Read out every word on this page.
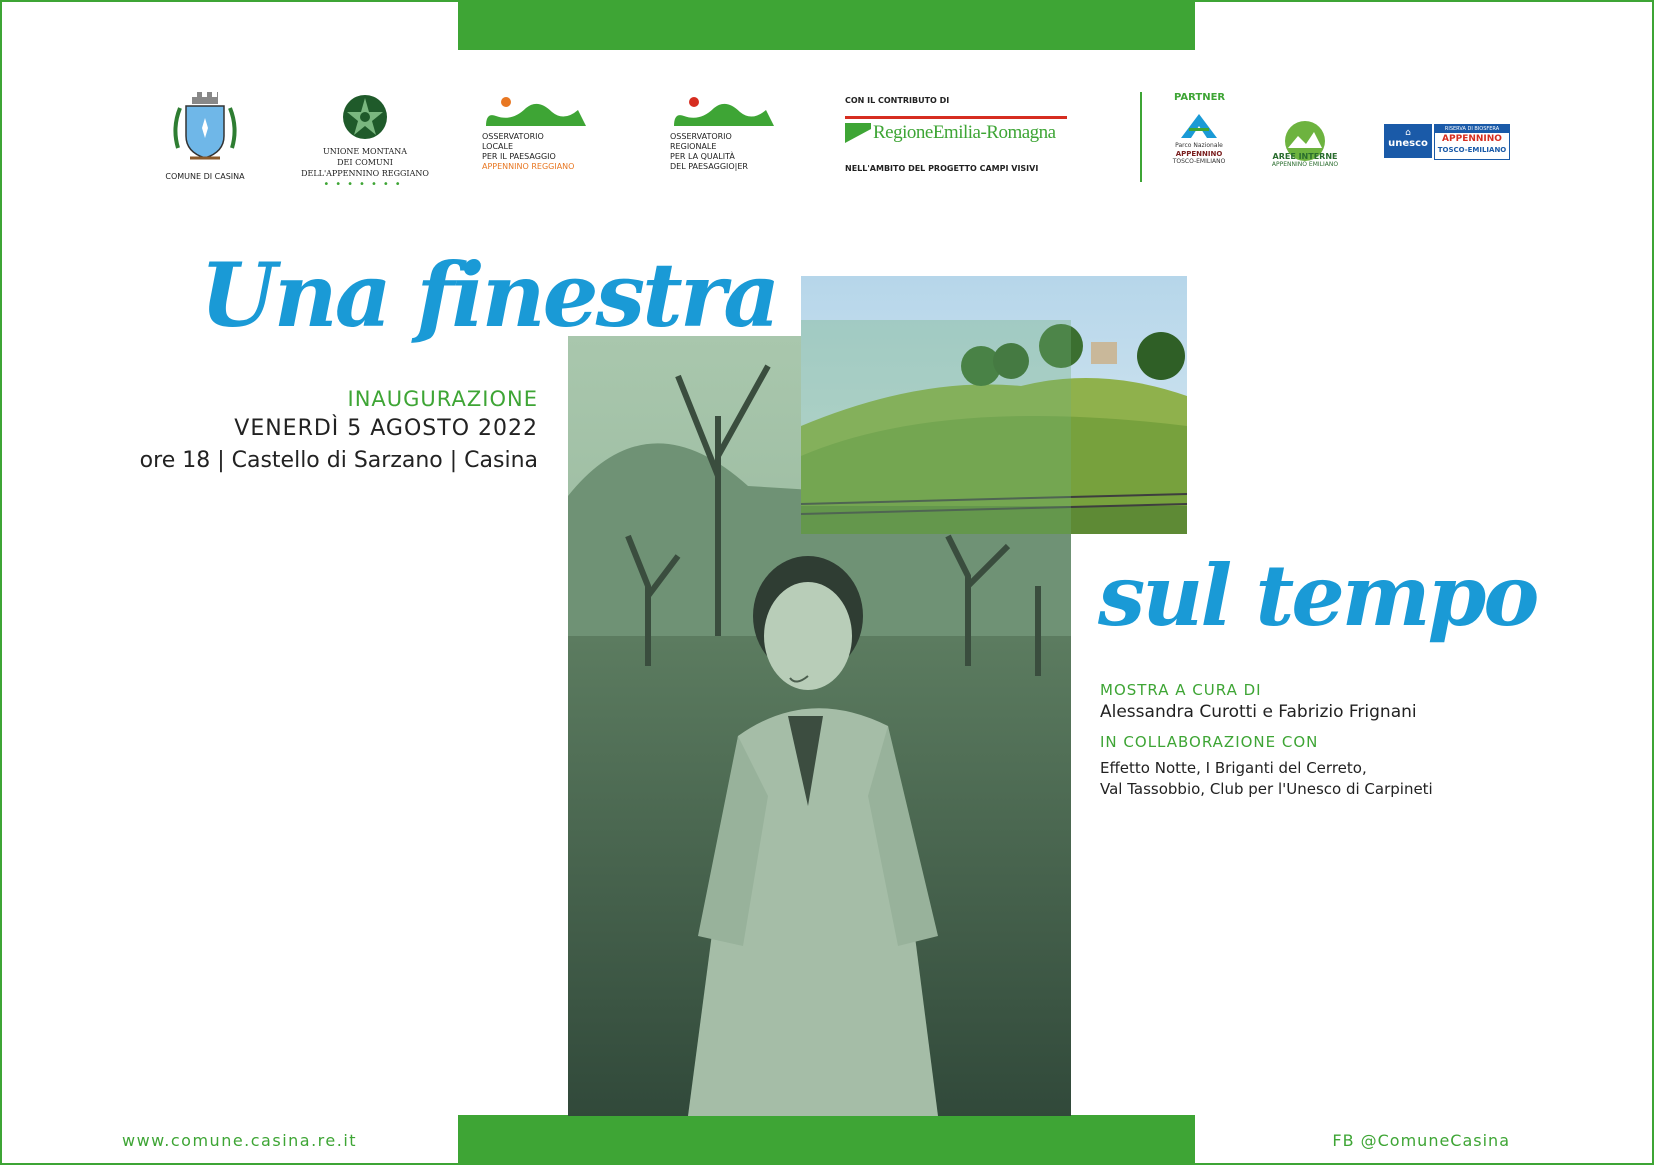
COMUNE DI CASINA
UNIONE MONTANA
DEI COMUNI
DELL'APPENNINO REGGIANO
•••••••
OSSERVATORIO
LOCALE
PER IL PAESAGGIO
APPENNINO REGGIANO
OSSERVATORIO
REGIONALE
PER LA QUALITÀ
DEL PAESAGGIO|ER
CON IL CONTRIBUTO DI
RegioneEmilia-Romagna
NELL'AMBITO DEL PROGETTO CAMPI VISIVI
PARTNER
Parco Nazionale
APPENNINO
TOSCO-EMILIANO
AREE INTERNE
APPENNINO EMILIANO
⌂
unesco
RISERVA DI BIOSFERA
APPENNINO
TOSCO-EMILIANO
Una finestra
sul tempo
INAUGURAZIONE
VENERDÌ 5 AGOSTO 2022
ore 18 | Castello di Sarzano | Casina
MOSTRA A CURA DI
Alessandra Curotti e Fabrizio Frignani
IN COLLABORAZIONE CON
Effetto Notte, I Briganti del Cerreto,
Val Tassobbio, Club per l'Unesco di Carpineti
www.comune.casina.re.it	FB @ComuneCasina
